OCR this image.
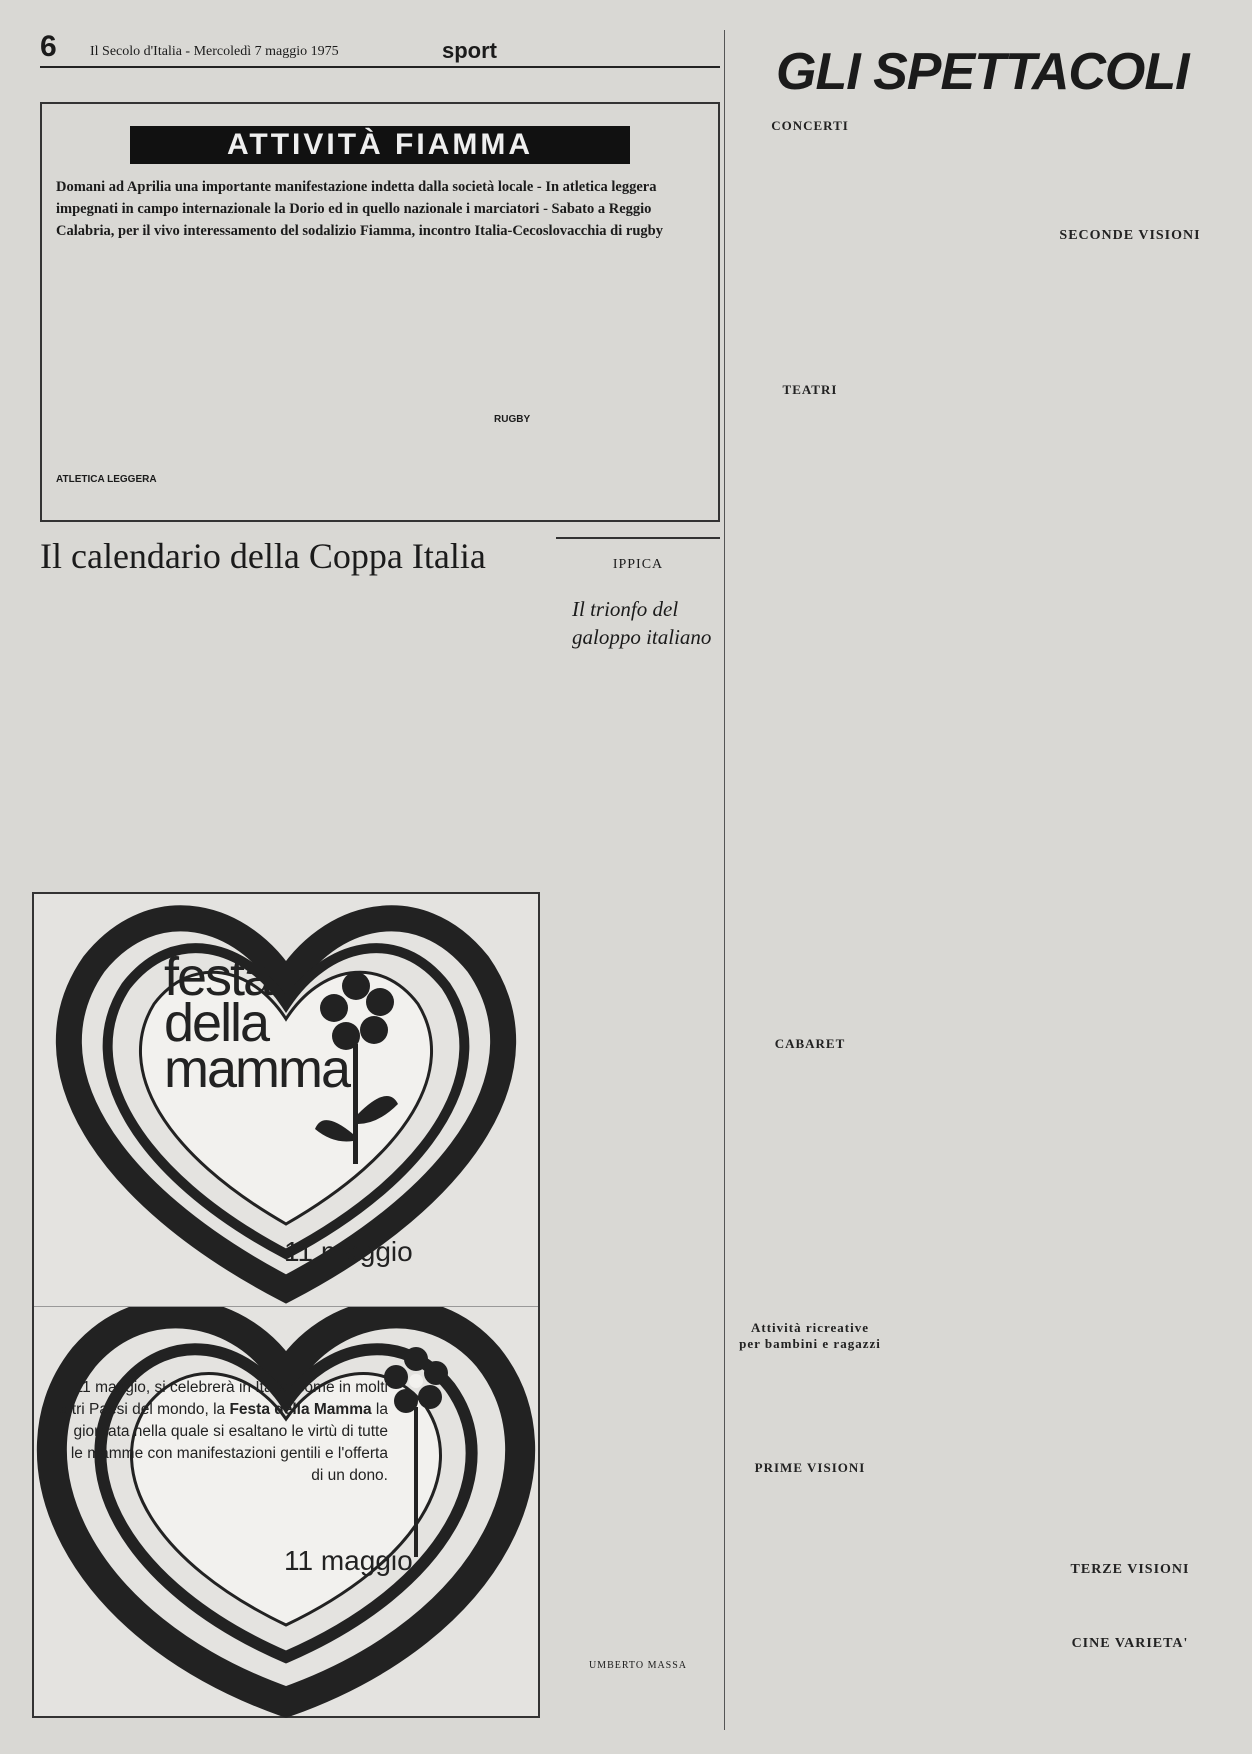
6 Il Secolo d'Italia - Mercoledì 7 maggio 1975	sport
ATTIVITÀ FIAMMA
Domani ad Aprilia una importante manifestazione indetta dalla società locale - In atletica leggera impegnati in campo internazionale la Dorio ed in quello nazionale i marciatori - Sabato a Reggio Calabria, per il vivo interessamento del sodalizio Fiamma, incontro Italia-Cecoslovacchia di rugby
ATLETICA LEGGERA
RUGBY
Il calendario della Coppa Italia	IPPICA
Il trionfo del galoppo italiano
UMBERTO MASSA
festa
della
mamma
11 maggio
L'11 maggio, si celebrerà in Italia, come in molti altri Paesi del mondo, la Festa della Mamma la giornata nella quale si esaltano le virtù di tutte le mamme con manifestazioni gentili e l'offerta di un dono.
11 maggio
GLI SPETTACOLI
CONCERTI
TEATRI
CABARET
Attività ricreative per bambini e ragazzi
PRIME VISIONI
SECONDE VISIONI
TERZE VISIONI
CINE VARIETA'
